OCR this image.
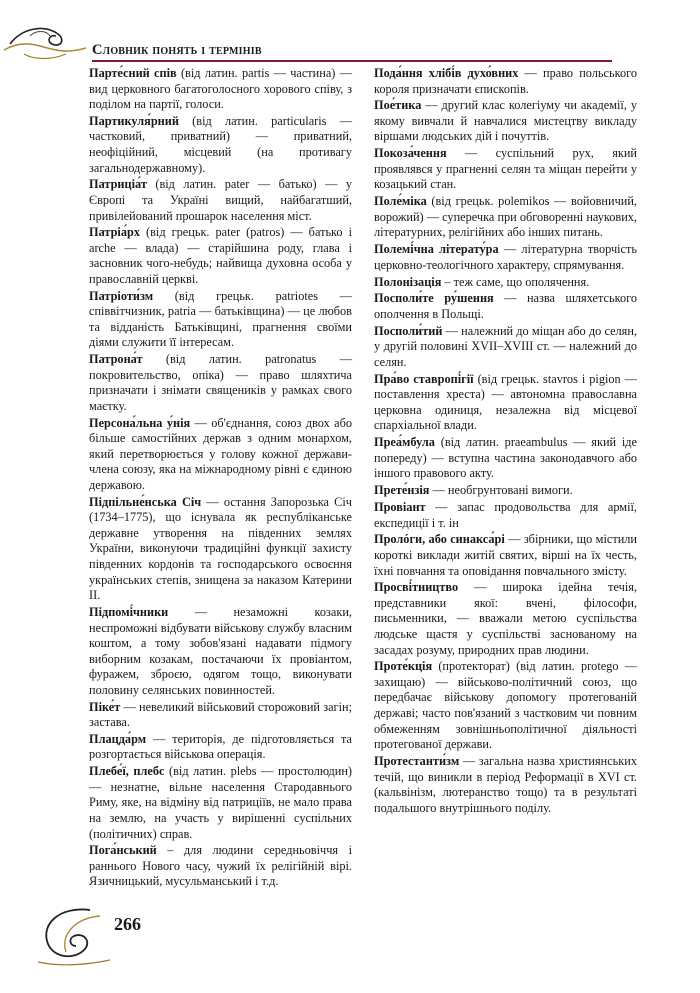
Словник понять і термінів

Парте́сний спів (від латин. partis — частина) — вид церковного багатоголосного хорового співу, з поділом на партії, голоси.

Партикуля́рний (від латин. particularis — частковий, приватний) — приватний, неофіційний, місцевий (на противагу загальнодержавному).

Патриціа́т (від латин. pater — батько) — у Європі та Україні вищий, найбагатший, привілейований прошарок населення міст.

Патріа́рх (від грецьк. pater (patros) — батько і arche — влада) — старійшина роду, глава і засновник чого-небудь; найвища духовна особа у православній церкві.

Патріоти́зм (від грецьк. patriotes — співвітчизник, patria — батьківщина) — це любов та відданість Батьківщині, прагнення своїми діями служити її інтересам.

Патрона́т (від латин. patronatus — покровительство, опіка) — право шляхтича призначати і знімати священиків у рамках свого маєтку.

Персона́льна у́ні‍я — об'єднання, союз двох або більше самостійних держав з одним монархом, який перетворюється у голову кожної держави-члена союзу, яка на міжнародному рівні є єдиною державою.

Підпільне́нська Січ — остання Запорозька Січ (1734–1775), що існувала як республіканське державне утворення на південних землях України, виконуючи традиційні функції захисту південних кордонів та господарського освоєння українських степів, знищена за наказом Катерини II.

Підпомі́чники — незаможні козаки, неспроможні відбувати військову службу власним коштом, а тому зобов'язані надавати підмогу виборним козакам, постачаючи їх провіантом, фуражем, зброєю, одягом тощо, виконувати половину селянських повинностей.

Піке́т — невеликий військовий сторожовий загін; застава.

Плацда́рм — територія, де підготовляється та розгортається військова операція.

Плебе́ї, плебс (від латин. plebs — простолюдин) — незнатне, вільне населення Стародавнього Риму, яке, на відміну від патриціїв, не мало права на землю, на участь у вирішенні суспільних (політичних) справ.

Пога́нський – для людини середньовіччя і раннього Нового часу, чужий їх релігійній вірі. Язичницький, мусульманський і т.д.

Пода́ння хлібі́в духо́вних — право польського короля призначати єпископів.

Пое́тика — другий клас колегіуму чи академії, у якому вивчали й навчалися мистецтву викладу віршами людських дій і почуттів.

Покоза́чення — суспільний рух, який проявлявся у прагненні селян та міщан перейти у козацький стан.

Поле́міка (від грецьк. polemikos — войовничий, ворожий) — суперечка при обговоренні наукових, літературних, релігійних або інших питань.

Полемі́чна літерату́ра — літературна творчість церковно-теологічного характеру, спрямування.

Полонізація – теж саме, що ополячення.

Посполи́те ру́шення — назва шляхетського ополчення в Польщі.

Посполи́тий — належний до міщан або до селян, у другій половині XVII–XVIII ст. — належний до селян.

Пра́во ставропі́гії (від грецьк. stavros і pigion — поставлення хреста) — автономна православна церковна одиниця, незалежна від місцевої спархіальної влади.

Преа́мбула (від латин. praeambulus — який іде попереду) — вступна частина законодавчого або іншого правового акту.

Прете́нзія — необгрунтовані вимоги.

Провіант — запас продовольства для армії, експедиції і т. ін

Пролóги, або синакса́рі — збірники, що містили короткі виклади житій святих, вірші на їх честь, їхні повчання та оповідання повчального змісту.

Просві́тництво — широка ідейна течія, представники якої: вчені, філософи, письменники, — вважали метою суспільства людське щастя у суспільстві заснованому на засадах розуму, природних прав людини.

Проте́кція (протекторат) (від латин. protego — захищаю) — військово-політичний союз, що передбачає військову допомогу протегованій державі; часто пов'язаний з частковим чи повним обмеженням зовнішньополітичної діяльності протегованої держави.

Протестанти́зм — загальна назва християнських течій, що виникли в період Реформації в XVI ст. (кальвінізм, лютеранство тощо) та в результаті подальшого внутрішнього поділу.

266
